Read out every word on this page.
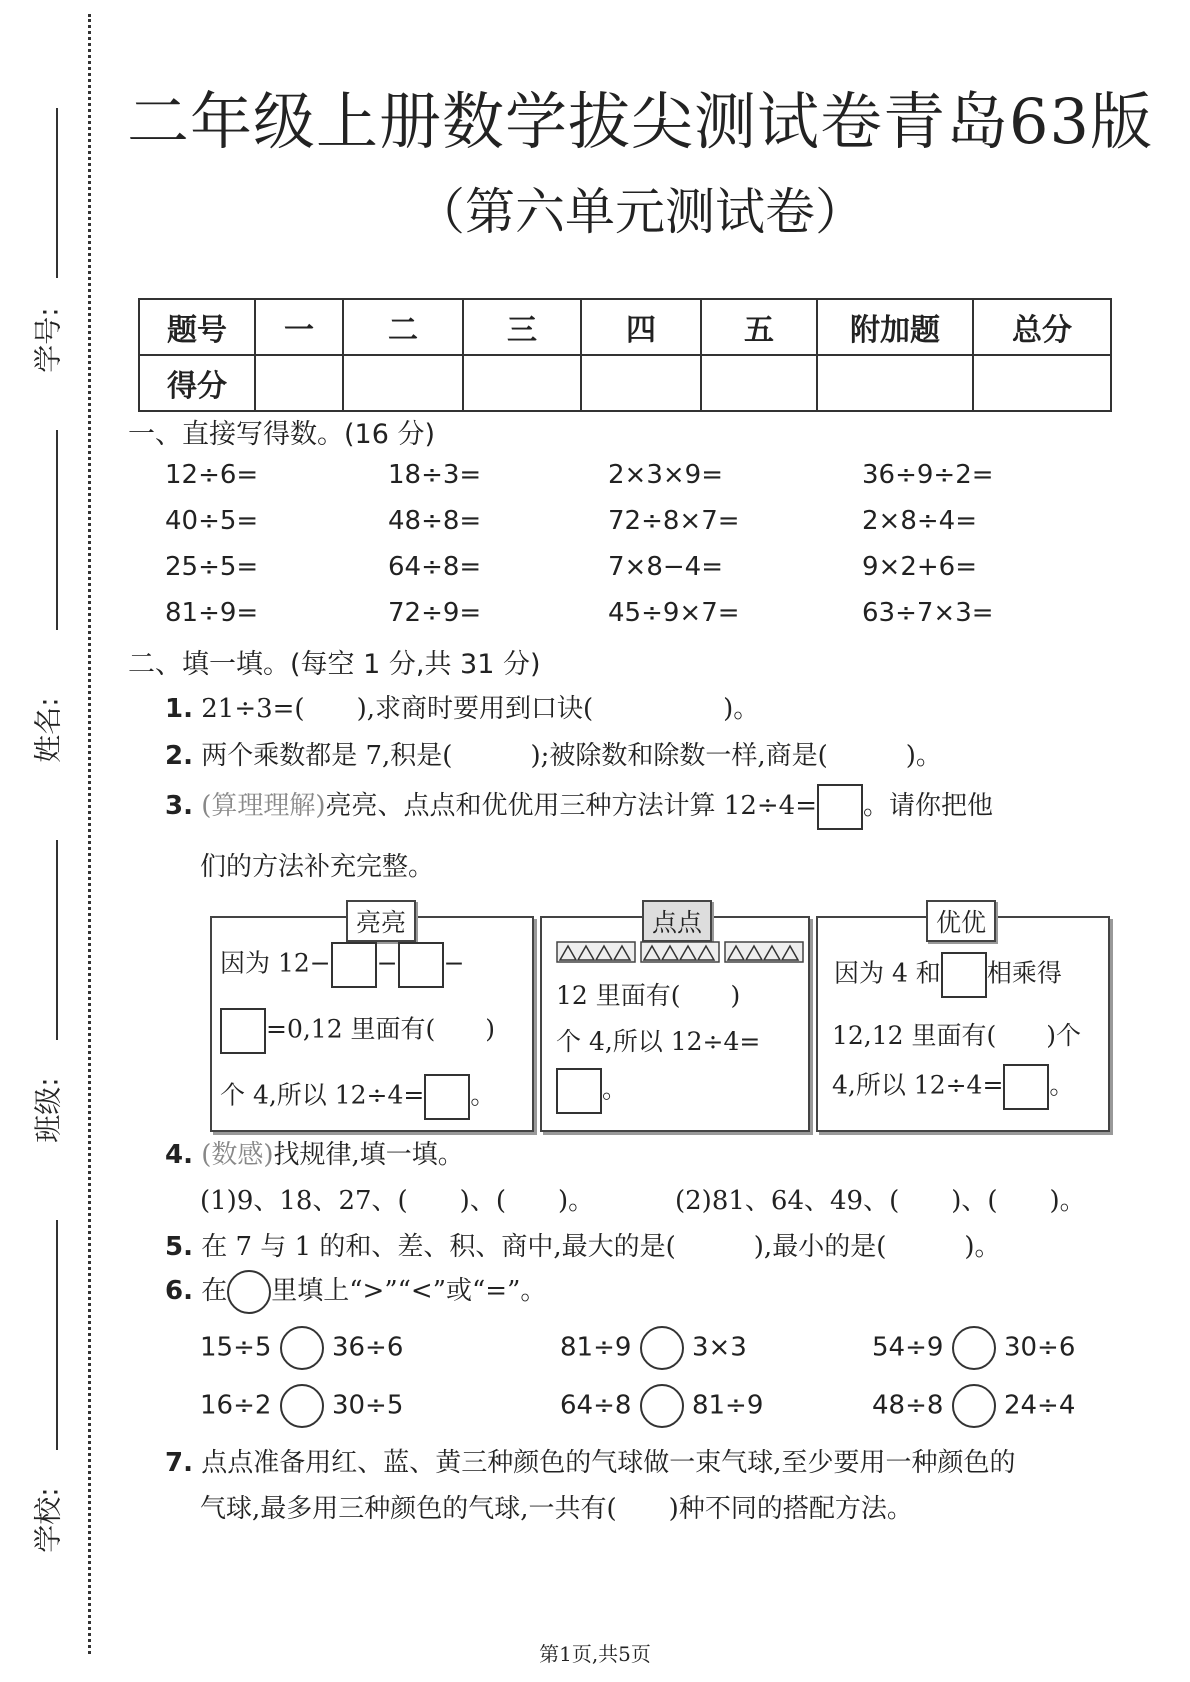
学号:
姓名:
班级:
学校:
二年级上册数学拔尖测试卷青岛63版
（第六单元测试卷）
题号	一	二	三	四	五	附加题	总分
得分							
一、直接写得数。(16 分)
12÷6=	18÷3=	2×3×9=	36÷9÷2=
40÷5=	48÷8=	72÷8×7=	2×8÷4=
25÷5=	64÷8=	7×8−4=	9×2+6=
81÷9=	72÷9=	45÷9×7=	63÷7×3=
二、填一填。(每空 1 分,共 31 分)
1. 21÷3=(　　),求商时要用到口诀(　　　　　)。
2. 两个乘数都是 7,积是(　　　);被除数和除数一样,商是(　　　)。
3. (算理理解)亮亮、点点和优优用三种方法计算 12÷4= 。请你把他
们的方法补充完整。
亮亮
因为 12− − −
=0,12 里面有(　　)
个 4,所以 12÷4= 。
点点
12 里面有(　　)
个 4,所以 12÷4=
。
优优
因为 4 和 相乘得
12,12 里面有(　　)个
4,所以 12÷4= 。
4. (数感)找规律,填一填。
(1)9、18、27、(　　)、(　　)。	(2)81、64、49、(　　)、(　　)。
5. 在 7 与 1 的和、差、积、商中,最大的是(　　　),最小的是(　　　)。
6. 在 里填上“>”“<”或“=”。
15÷5 36÷6	81÷9 3×3	54÷9 30÷6
16÷2 30÷5	64÷8 81÷9	48÷8 24÷4
7. 点点准备用红、蓝、黄三种颜色的气球做一束气球,至少要用一种颜色的
气球,最多用三种颜色的气球,一共有(　　)种不同的搭配方法。
第1页,共5页
